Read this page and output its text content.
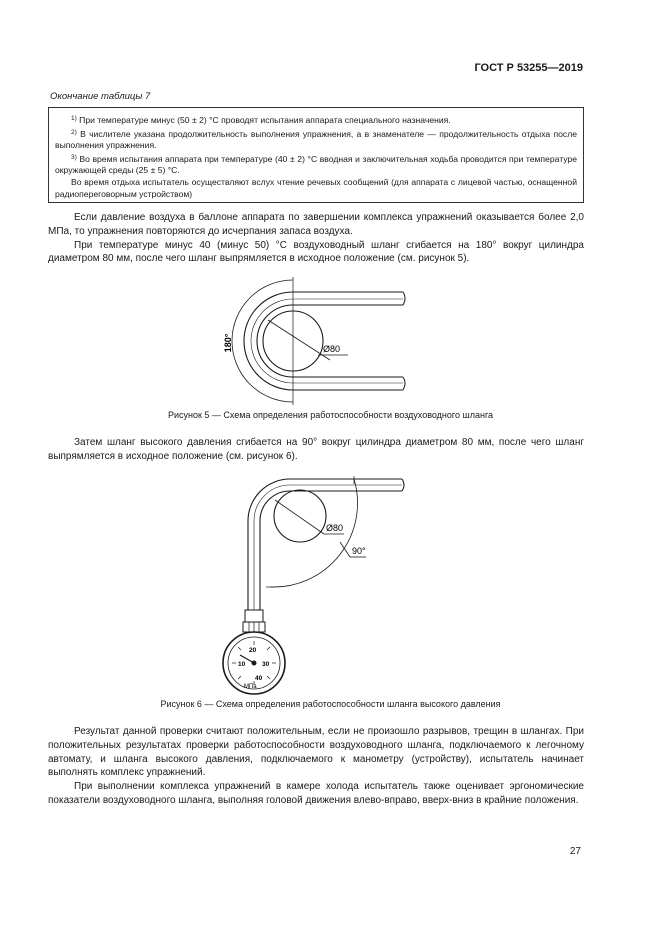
ГОСТ Р 53255—2019
Окончание таблицы 7

$^{1)}$ При температуре минус (50 ± 2) °С проводят испытания аппарата специального назначения.

$^{2)}$ В числителе указана продолжительность выполнения упражнения, а в знаменателе — продолжительность отдыха после выполнения упражнения.

$^{3)}$ Во время испытания аппарата при температуре (40 ± 2) °С вводная и заключительная ходьба проводится при температуре окружающей среды (25 ± 5) °С.

Во время отдыха испытатель осуществляют вслух чтение речевых сообщений (для аппарата с лицевой частью, оснащенной радиопереговорным устройством)

Если давление воздуха в баллоне аппарата по завершении комплекса упражнений оказывается более 2,0 МПа, то упражнения повторяются до исчерпания запаса воздуха.

При температуре минус 40 (минус 50) °С воздуховодный шланг сгибается на 180° вокруг цилиндра диаметром 80 мм, после чего шланг выпрямляется в исходное положение (см. рисунок 5).

180°	Ø80
Рисунок 5 — Схема определения работоспособности воздуховодного шланга

Затем шланг высокого давления сгибается на 90° вокруг цилиндра диаметром 80 мм, после чего шланг выпрямляется в исходное положение (см. рисунок 6).

Ø80
90°
10
20
30
40
МПа
Рисунок 6 — Схема определения работоспособности шланга высокого давления

Результат данной проверки считают положительным, если не произошло разрывов, трещин в шлангах. При положительных результатах проверки работоспособности воздуховодного шланга, подключаемого к легочному автомату, и шланга высокого давления, подключаемого к манометру (устройству), испытатель начинает выполнять комплекс упражнений.

При выполнении комплекса упражнений в камере холода испытатель также оценивает эргономические показатели воздуховодного шланга, выполняя головой движения влево-вправо, вверх-вниз в крайние положения.

27
